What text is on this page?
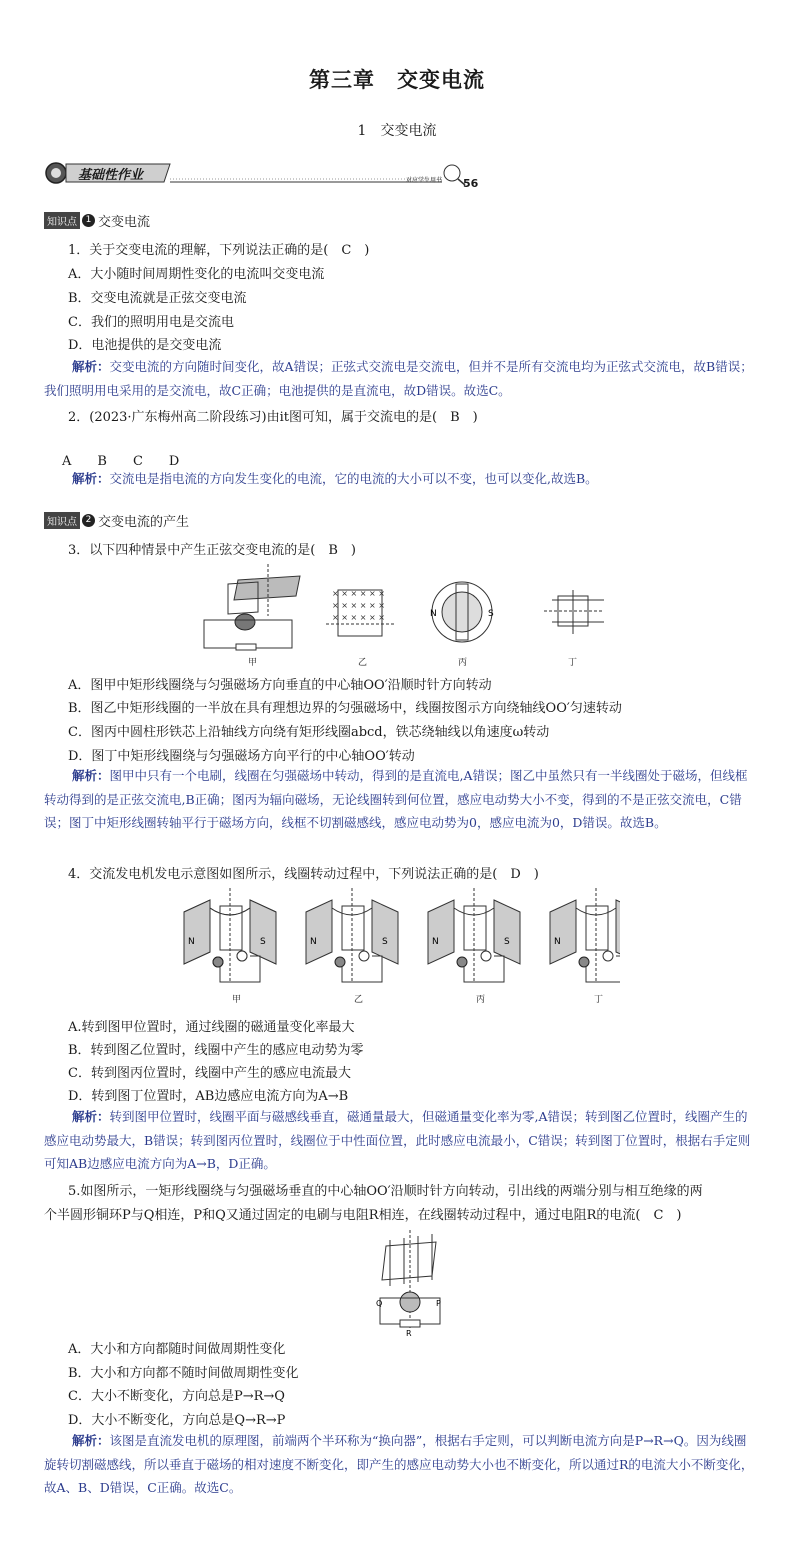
第三章　交变电流
1　交变电流
基础性作业	对应学生用书 56
知识点 1 交变电流
1．关于交变电流的理解，下列说法正确的是(　C　)
A．大小随时间周期性变化的电流叫交变电流
B．交变电流就是正弦交变电流
C．我们的照明用电是交流电
D．电池提供的是交变电流
解析：交变电流的方向随时间变化，故A错误；正弦式交流电是交流电，但并不是所有交流电均为正弦式交流电，故B错误；我们照明用电采用的是交流电，故C正确；电池提供的是直流电，故D错误。故选C。
2．(2023·广东梅州高二阶段练习)由it图可知，属于交流电的是(　B　)
A　　B　　C　　D
解析：交流电是指电流的方向发生变化的电流，它的电流的大小可以不变，也可以变化,故选B。
知识点 2 交变电流的产生
3．以下四种情景中产生正弦交变电流的是(　B　)
甲
× × × × × ×
× × × × × ×
× × × × × ×
乙
N	S
丙	丁
A．图甲中矩形线圈绕与匀强磁场方向垂直的中心轴OO′沿顺时针方向转动
B．图乙中矩形线圈的一半放在具有理想边界的匀强磁场中，线圈按图示方向绕轴线OO′匀速转动
C．图丙中圆柱形铁芯上沿轴线方向绕有矩形线圈abcd，铁芯绕轴线以角速度ω转动
D．图丁中矩形线圈绕与匀强磁场方向平行的中心轴OO′转动
解析：图甲中只有一个电刷，线圈在匀强磁场中转动，得到的是直流电,A错误；图乙中虽然只有一半线圈处于磁场，但线框转动得到的是正弦交流电,B正确；图丙为辐向磁场，无论线圈转到何位置，感应电动势大小不变，得到的不是正弦交流电，C错误；图丁中矩形线圈转轴平行于磁场方向，线框不切割磁感线，感应电动势为0，感应电流为0，D错误。故选B。
4．交流发电机发电示意图如图所示，线圈转动过程中，下列说法正确的是(　D　)
甲	乙	丙	丁
A.转到图甲位置时，通过线圈的磁通量变化率最大
B．转到图乙位置时，线圈中产生的感应电动势为零
C．转到图丙位置时，线圈中产生的感应电流最大
D．转到图丁位置时，AB边感应电流方向为A→B
解析：转到图甲位置时，线圈平面与磁感线垂直，磁通量最大，但磁通量变化率为零,A错误；转到图乙位置时，线圈产生的感应电动势最大，B错误；转到图丙位置时，线圈位于中性面位置，此时感应电流最小，C错误；转到图丁位置时，根据右手定则可知AB边感应电流方向为A→B，D正确。
5.如图所示，一矩形线圈绕与匀强磁场垂直的中心轴OO′沿顺时针方向转动，引出线的两端分别与相互绝缘的两
个半圆形铜环P与Q相连，P和Q又通过固定的电刷与电阻R相连，在线圈转动过程中，通过电阻R的电流(　C　)
Q	P
R
A．大小和方向都随时间做周期性变化
B．大小和方向都不随时间做周期性变化
C．大小不断变化，方向总是P→R→Q
D．大小不断变化，方向总是Q→R→P
解析：该图是直流发电机的原理图，前端两个半环称为“换向器”，根据右手定则，可以判断电流方向是P→R→Q。因为线圈旋转切割磁感线，所以垂直于磁场的相对速度不断变化，即产生的感应电动势大小也不断变化，所以通过R的电流大小不断变化，故A、B、D错误，C正确。故选C。
